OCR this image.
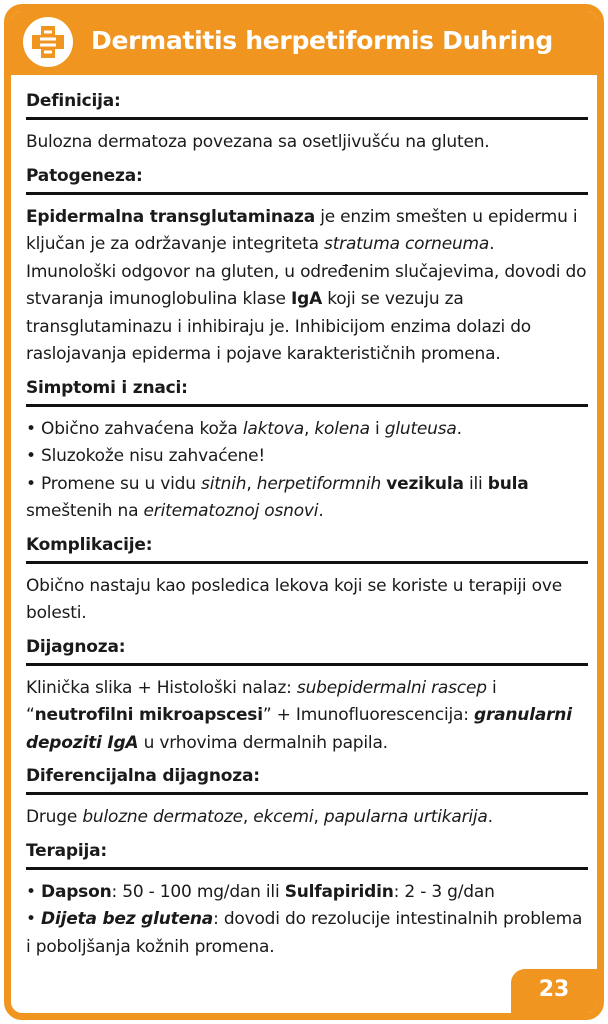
Dermatitis herpetiformis Duhring
Definicija:
Bulozna dermatoza povezana sa osetljivušću na gluten.
Patogeneza:
Epidermalna transglutaminaza je enzim smešten u epidermu i ključan je za održavanje integriteta stratuma corneuma. Imunološki odgovor na gluten, u određenim slučajevima, dovodi do stvaranja imunoglobulina klase IgA koji se vezuju za transglutaminazu i inhibiraju je. Inhibicijom enzima dolazi do raslojavanja epiderma i pojave karakterističnih promena.
Simptomi i znaci:
• Obično zahvaćena koža laktova, kolena i gluteusa.
• Sluzokože nisu zahvaćene!
• Promene su u vidu sitnih, herpetiformnih vezikula ili bula smeštenih na eritematoznoj osnovi.
Komplikacije:
Obično nastaju kao posledica lekova koji se koriste u terapiji ove bolesti.
Dijagnoza:
Klinička slika + Histološki nalaz: subepidermalni rascep i “neutrofilni mikroapscesi” + Imunofluorescencija: granularni depoziti IgA u vrhovima dermalnih papila.
Diferencijalna dijagnoza:
Druge bulozne dermatoze, ekcemi, papularna urtikarija.
Terapija:
• Dapson: 50 - 100 mg/dan ili Sulfapiridin: 2 - 3 g/dan
• Dijeta bez glutena: dovodi do rezolucije intestinalnih problema i poboljšanja kožnih promena.
23
